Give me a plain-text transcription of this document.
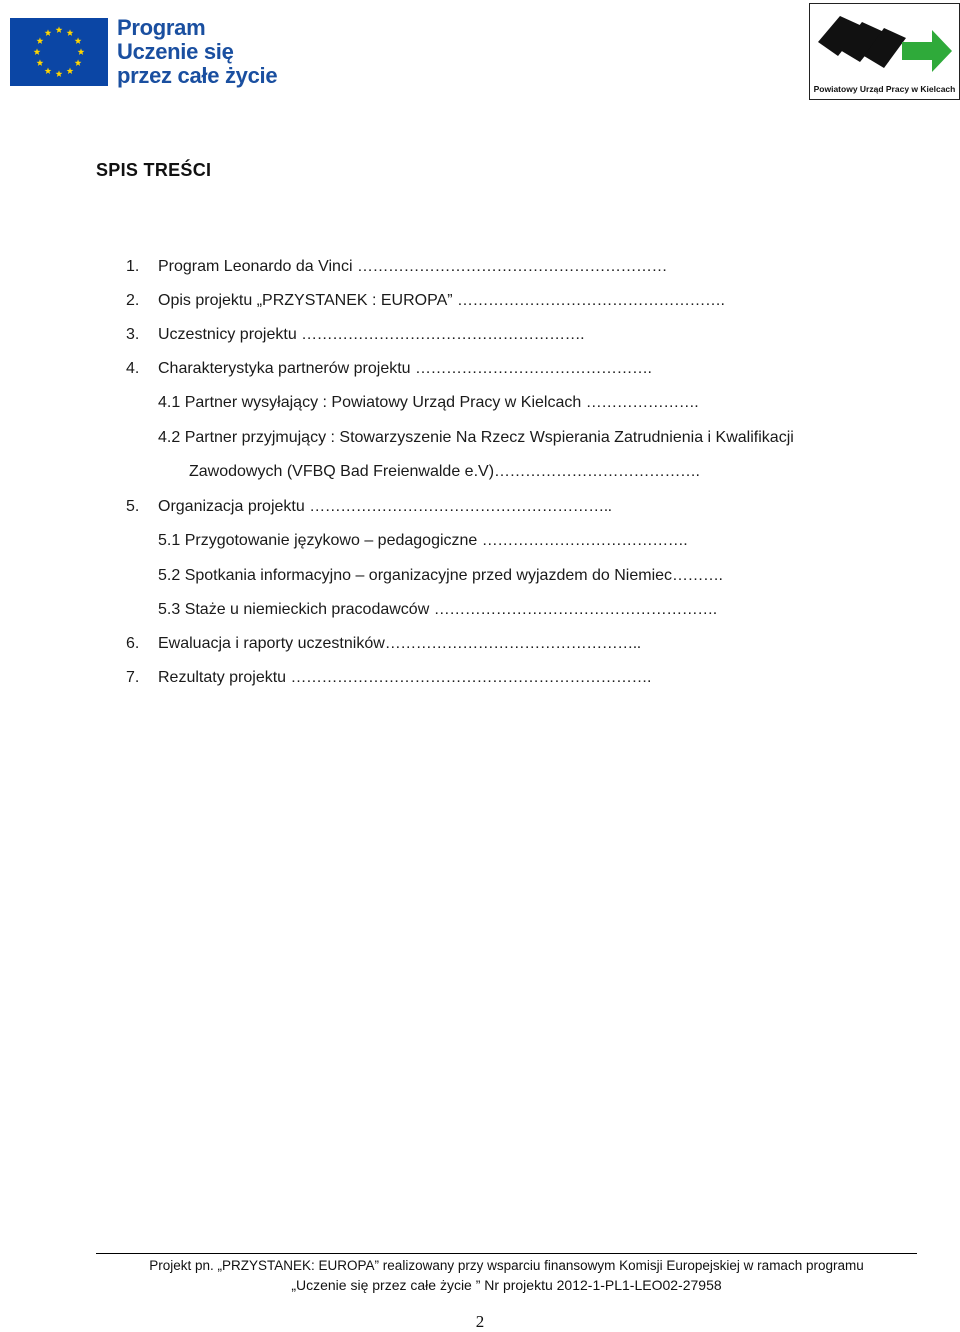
Program
Uczenie się
przez całe życie
Powiatowy Urząd Pracy w Kielcach
SPIS TREŚCI
1. Program Leonardo da Vinci ……………………………………………………
2. Opis projektu „PRZYSTANEK : EUROPA” …………………………………………….
3. Uczestnicy projektu ……………………………………………….
4. Charakterystyka partnerów projektu ……………………………………….
4.1 Partner wysyłający : Powiatowy Urząd Pracy w Kielcach ………………….
4.2 Partner przyjmujący : Stowarzyszenie Na Rzecz Wspierania Zatrudnienia i Kwalifikacji
Zawodowych (VFBQ Bad Freienwalde e.V)………………………………….
5. Organizacja projektu …………………………………………………..
5.1 Przygotowanie językowo – pedagogiczne ………………………………….
5.2 Spotkania informacyjno – organizacyjne przed wyjazdem do Niemiec……….
5.3 Staże u niemieckich pracodawców ……………………………………………….
6. Ewaluacja i raporty uczestników…………………………………………..
7. Rezultaty projektu …………………………………………………………….
Projekt pn. „PRZYSTANEK: EUROPA” realizowany przy wsparciu finansowym Komisji Europejskiej w ramach programu
„Uczenie się przez całe życie ” Nr projektu 2012-1-PL1-LEO02-27958
2
